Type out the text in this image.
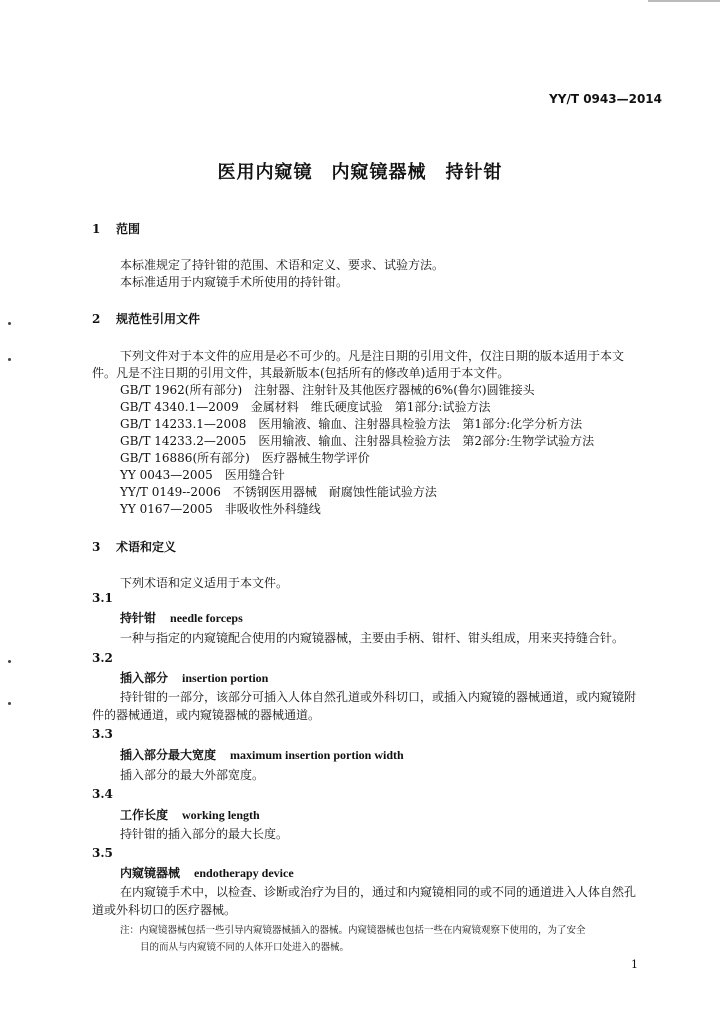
YY/T 0943—2014
医用内窥镜　内窥镜器械　持针钳
1 范围
本标准规定了持针钳的范围、术语和定义、要求、试验方法。
本标准适用于内窥镜手术所使用的持针钳。
2 规范性引用文件
下列文件对于本文件的应用是必不可少的。凡是注日期的引用文件，仅注日期的版本适用于本文
件。凡是不注日期的引用文件，其最新版本(包括所有的修改单)适用于本文件。
GB/T 1962(所有部分)　注射器、注射针及其他医疗器械的6%(鲁尔)圆锥接头
GB/T 4340.1—2009　金属材料　维氏硬度试验　第1部分:试验方法
GB/T 14233.1—2008　医用输液、输血、注射器具检验方法　第1部分:化学分析方法
GB/T 14233.2—2005　医用输液、输血、注射器具检验方法　第2部分:生物学试验方法
GB/T 16886(所有部分)　医疗器械生物学评价
YY 0043—2005　医用缝合针
YY/T 0149--2006　不锈钢医用器械　耐腐蚀性能试验方法
YY 0167—2005　非吸收性外科缝线
3 术语和定义
下列术语和定义适用于本文件。
3.1
持针钳 needle forceps
一种与指定的内窥镜配合使用的内窥镜器械，主要由手柄、钳杆、钳头组成，用来夹持缝合针。
3.2
插入部分 insertion portion
持针钳的一部分，该部分可插入人体自然孔道或外科切口，或插入内窥镜的器械通道，或内窥镜附
件的器械通道，或内窥镜器械的器械通道。
3.3
插入部分最大宽度 maximum insertion portion width
插入部分的最大外部宽度。
3.4
工作长度 working length
持针钳的插入部分的最大长度。
3.5
内窥镜器械 endotherapy device
在内窥镜手术中，以检查、诊断或治疗为目的，通过和内窥镜相同的或不同的通道进入人体自然孔
道或外科切口的医疗器械。
注：内窥镜器械包括一些引导内窥镜器械插入的器械。内窥镜器械也包括一些在内窥镜观察下使用的，为了安全
目的而从与内窥镜不同的人体开口处进入的器械。
1
